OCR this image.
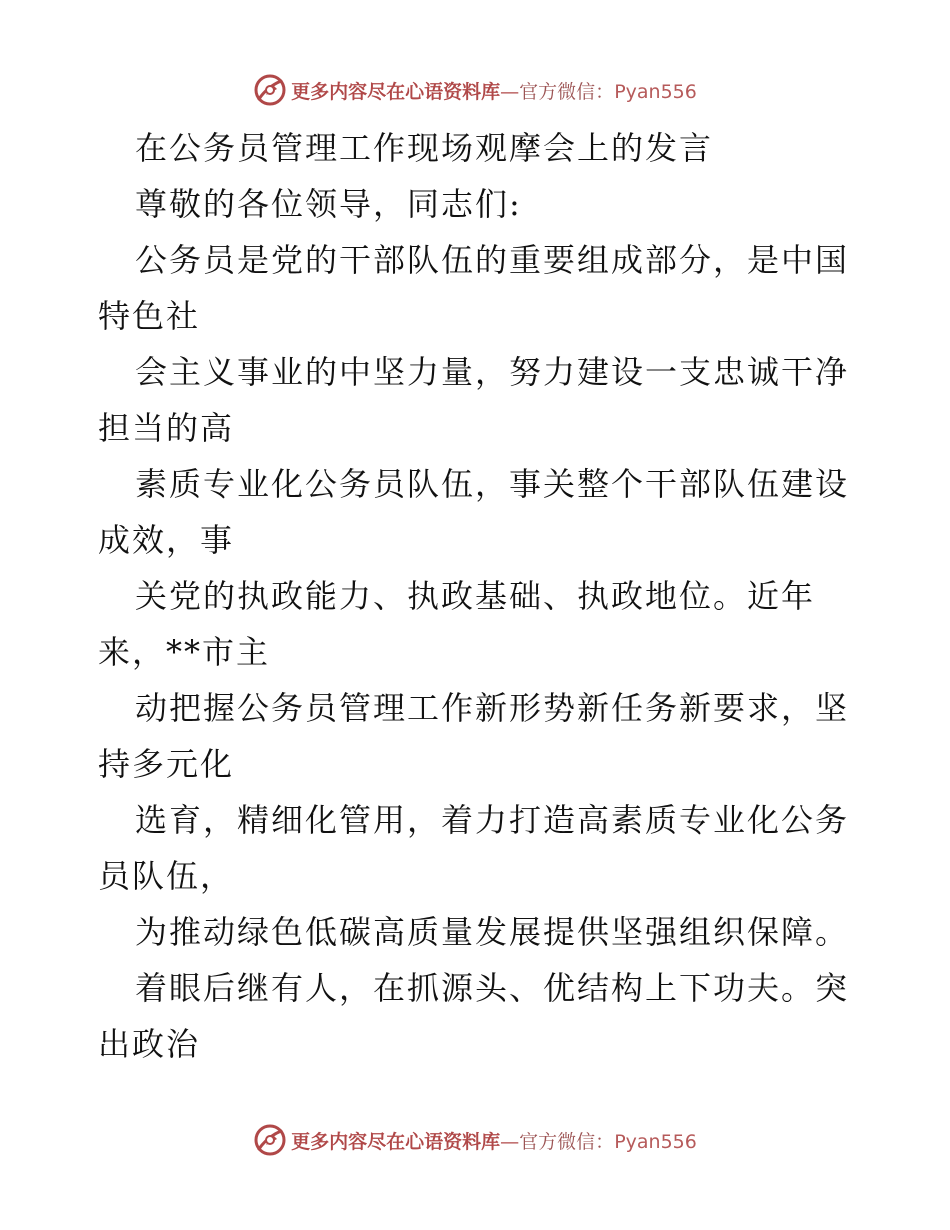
更多内容尽在心语资料库—官方微信：Pyan556
在公务员管理工作现场观摩会上的发言
尊敬的各位领导，同志们:
公务员是党的干部队伍的重要组成部分，是中国
特色社
会主义事业的中坚力量，努力建设一支忠诚干净
担当的高
素质专业化公务员队伍，事关整个干部队伍建设
成效，事
关党的执政能力、执政基础、执政地位。近年
来，**市主
动把握公务员管理工作新形势新任务新要求，坚
持多元化
选育，精细化管用，着力打造高素质专业化公务
员队伍，
为推动绿色低碳高质量发展提供坚强组织保障。
着眼后继有人，在抓源头、优结构上下功夫。突
出政治
更多内容尽在心语资料库—官方微信：Pyan556
